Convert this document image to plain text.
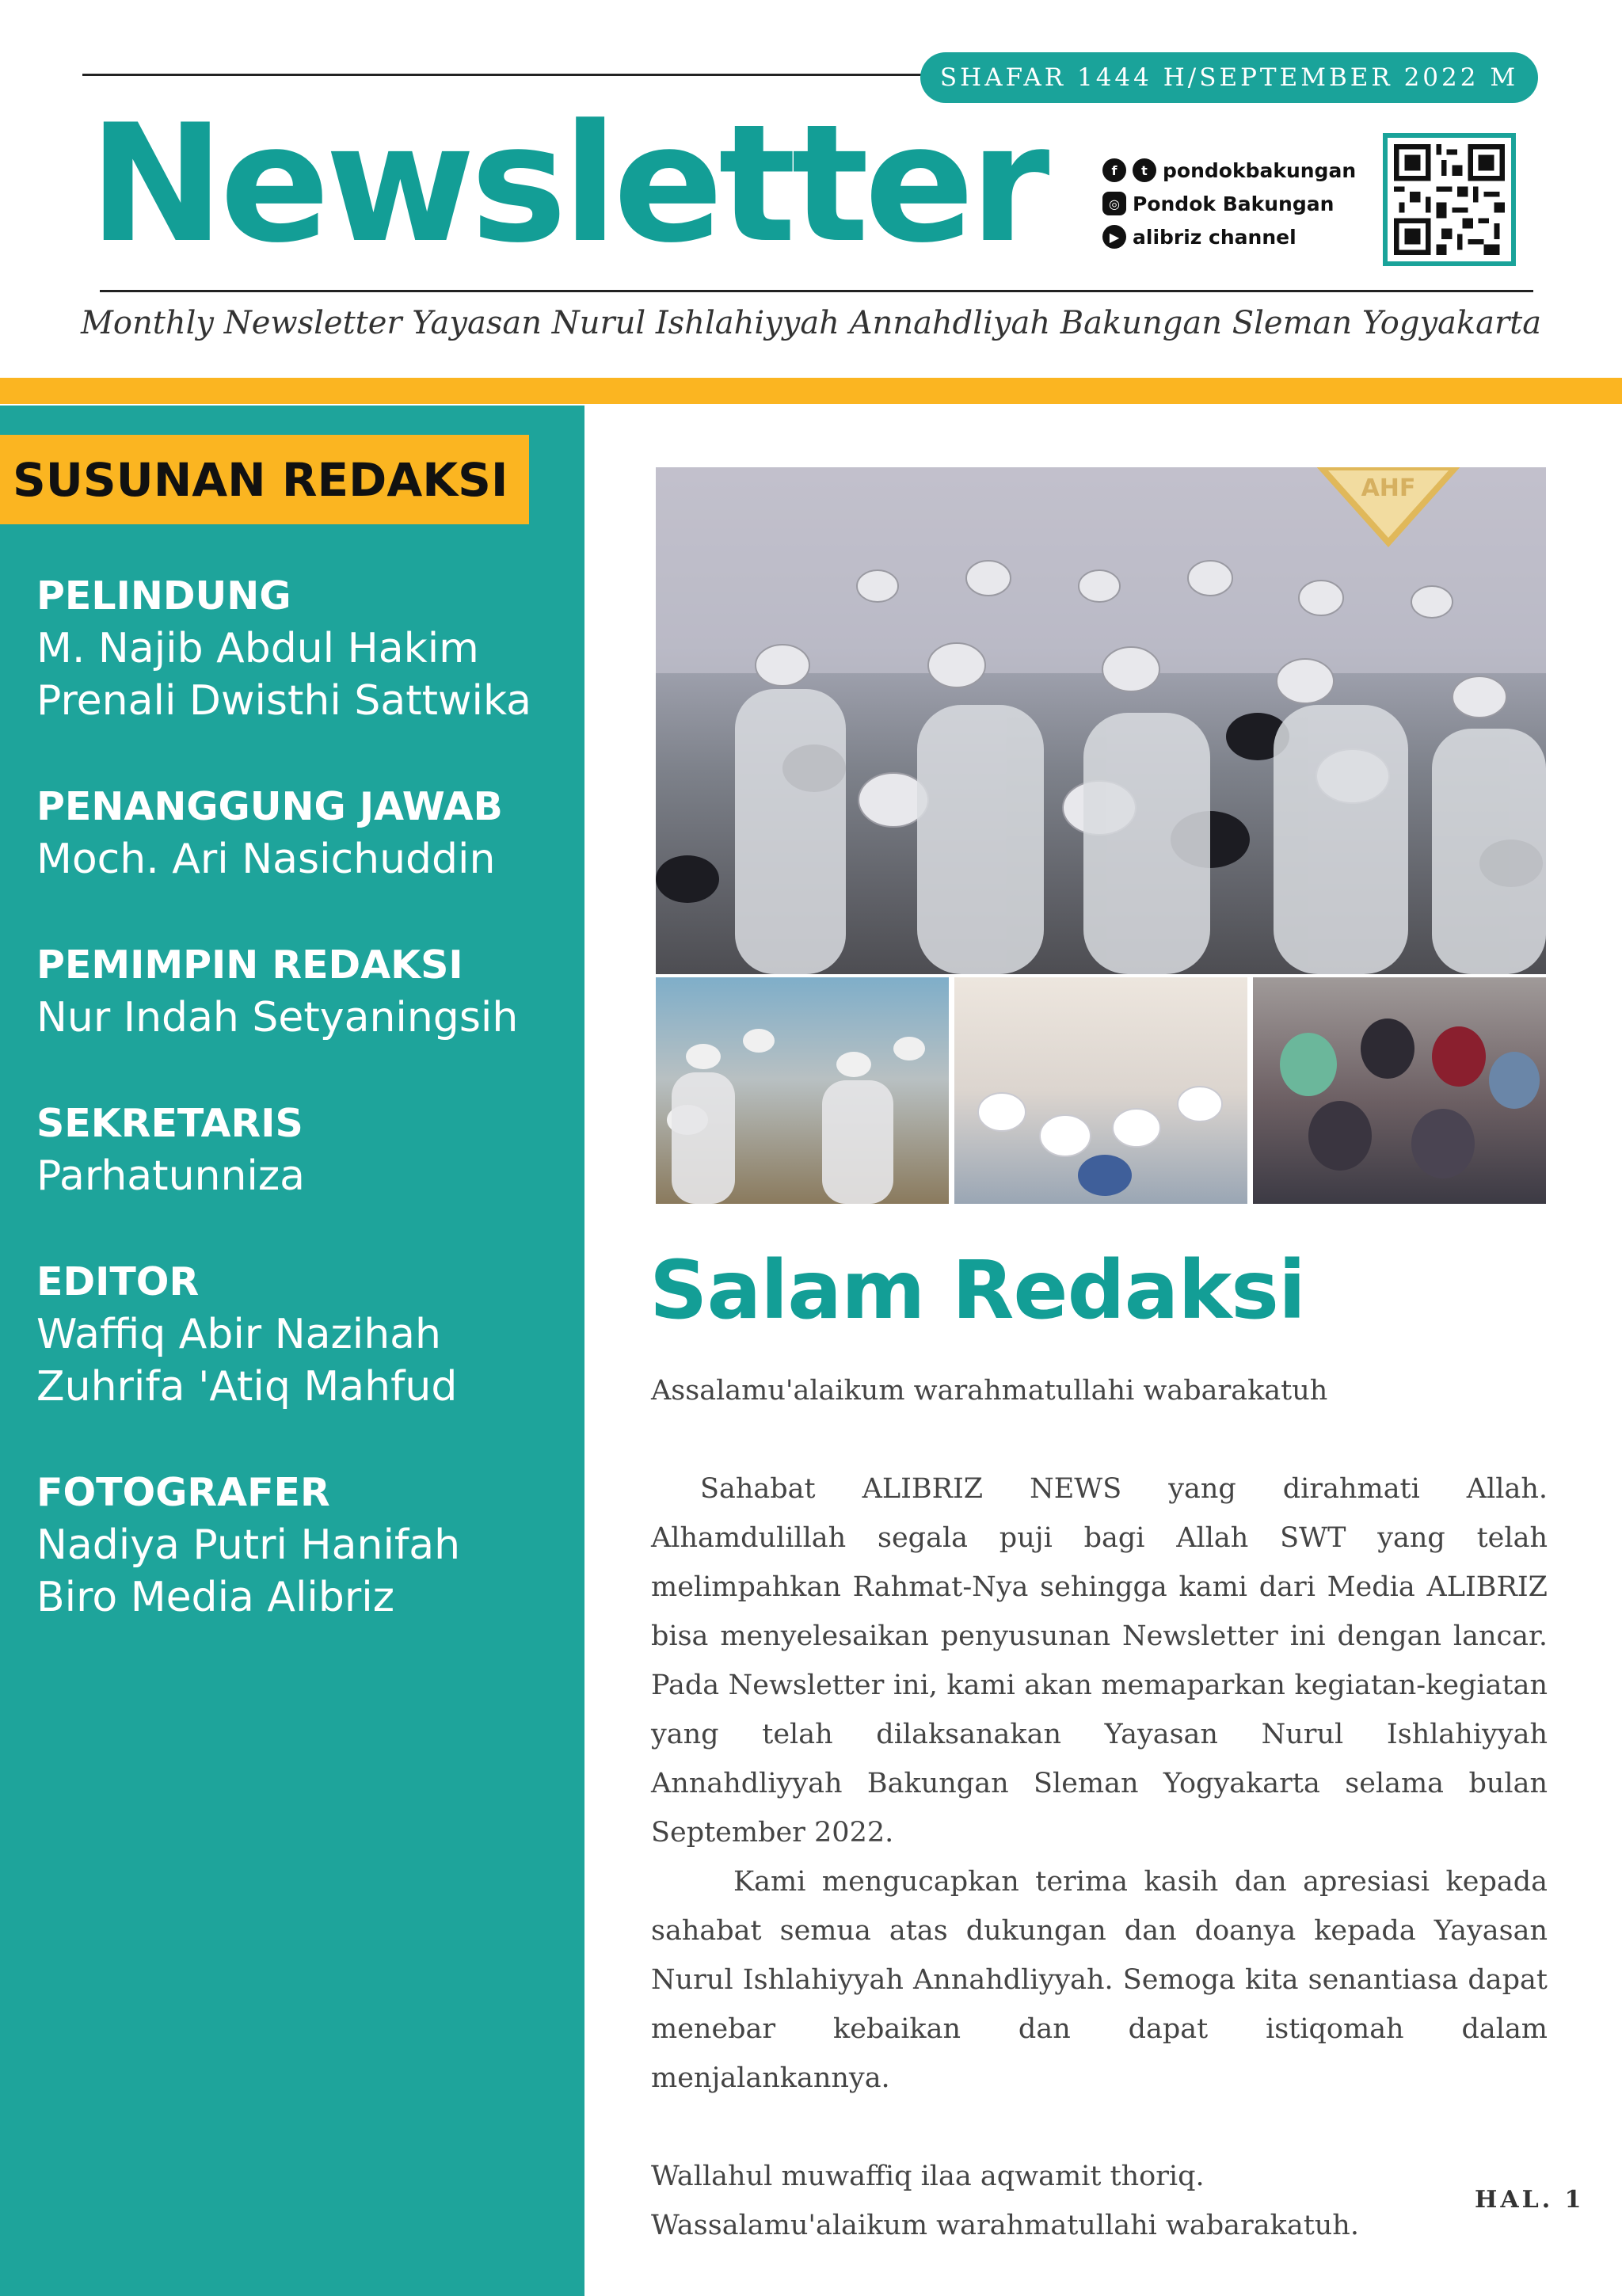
SHAFAR 1444 H/SEPTEMBER 2022 M
Newsletter	f	t pondokbakungan
◎ Pondok Bakungan
▶ alibriz channel
Monthly Newsletter Yayasan Nurul Ishlahiyyah Annahdliyah Bakungan Sleman Yogyakarta
SUSUNAN REDAKSI
PELINDUNG
M. Najib Abdul Hakim
Prenali Dwisthi Sattwika
PENANGGUNG JAWAB
Moch. Ari Nasichuddin
PEMIMPIN REDAKSI
Nur Indah Setyaningsih
SEKRETARIS
Parhatunniza
EDITOR
Waffiq Abir Nazihah
Zuhrifa 'Atiq Mahfud
FOTOGRAFER
Nadiya Putri Hanifah
Biro Media Alibriz
AHF
Salam Redaksi

Assalamu'alaikum warahmatullahi wabarakatuh

Sahabat ALIBRIZ NEWS yang dirahmati Allah. Alhamdulillah segala puji bagi Allah SWT yang telah melimpahkan Rahmat-Nya sehingga kami dari Media ALIBRIZ bisa menyelesaikan penyusunan Newsletter ini dengan lancar. Pada Newsletter ini, kami akan memaparkan kegiatan-kegiatan yang telah dilaksanakan Yayasan Nurul Ishlahiyyah Annahdliyyah Bakungan Sleman Yogyakarta selama bulan September 2022.

Kami mengucapkan terima kasih dan apresiasi kepada sahabat semua atas dukungan dan doanya kepada Yayasan Nurul Ishlahiyyah Annahdliyyah. Semoga kita senantiasa dapat menebar kebaikan dan dapat istiqomah dalam menjalankannya.

Wallahul muwaffiq ilaa aqwamit thoriq.

Wassalamu'alaikum warahmatullahi wabarakatuh.

HAL. 1
